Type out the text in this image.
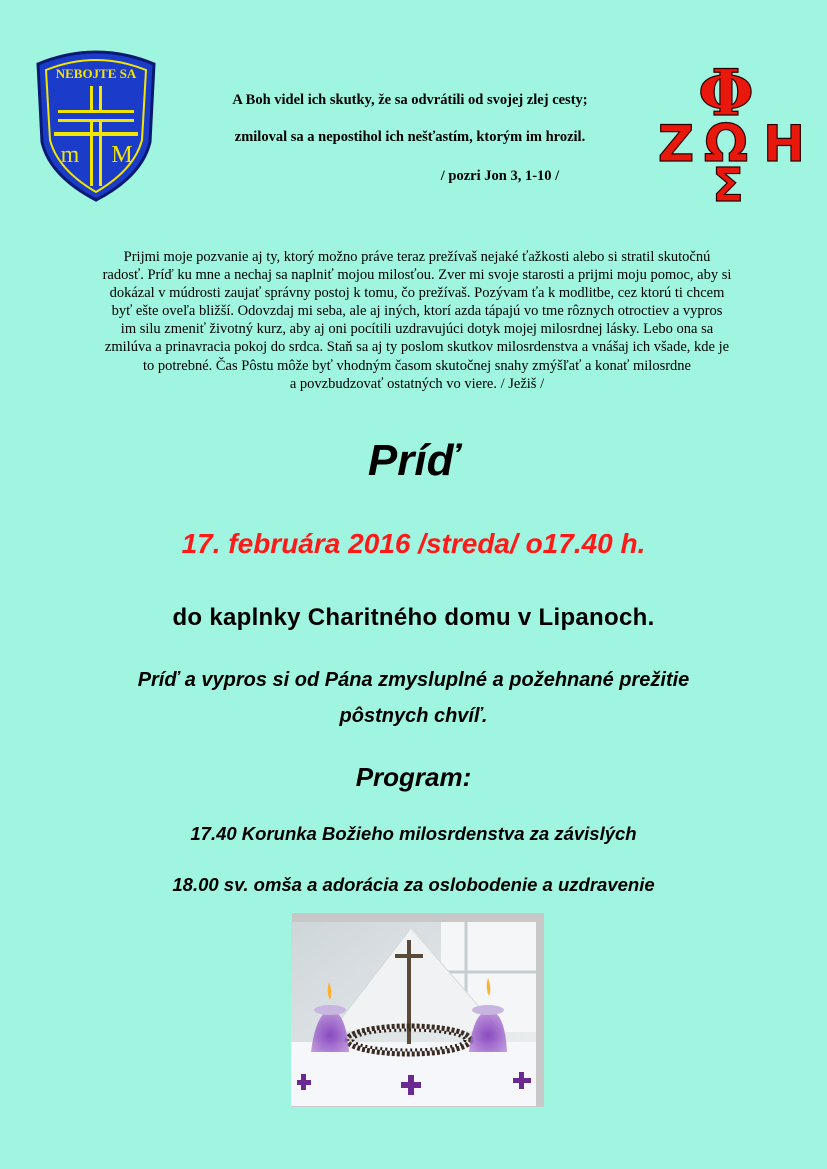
NEBOJTE SA
m M
A Boh videl ich skutky, že sa odvrátili od svojej zlej cesty;
zmiloval sa a nepostihol ich nešťastím, ktorým im hrozil.
/ pozri Jon 3, 1-10 /
Φ
Z Ω H
Σ
Prijmi moje pozvanie aj ty, ktorý možno práve teraz prežívaš nejaké ťažkosti alebo si stratil skutočnú
radosť. Príď ku mne a nechaj sa naplniť mojou milosťou. Zver mi svoje starosti a prijmi moju pomoc, aby si
dokázal v múdrosti zaujať správny postoj k tomu, čo prežívaš. Pozývam ťa k modlitbe, cez ktorú ti chcem
byť ešte oveľa bližší. Odovzdaj mi seba, ale aj iných, ktorí azda tápajú vo tme rôznych otroctiev a vypros
im silu zmeniť životný kurz, aby aj oni pocítili uzdravujúci dotyk mojej milosrdnej lásky. Lebo ona sa
zmilúva a prinavracia pokoj do srdca. Staň sa aj ty poslom skutkov milosrdenstva a vnášaj ich všade, kde je
to potrebné. Čas Pôstu môže byť vhodným časom skutočnej snahy zmýšľať a konať milosrdne
a povzbudzovať ostatných vo viere. / Ježiš /
Príď
17. februára 2016 /streda/ o17.40 h.
do kaplnky Charitného domu v Lipanoch.
Príď a vypros si od Pána zmysluplné a požehnané prežitie
pôstnych chvíľ.
Program:
17.40 Korunka Božieho milosrdenstva za závislých
18.00 sv. omša a adorácia za oslobodenie a uzdravenie
